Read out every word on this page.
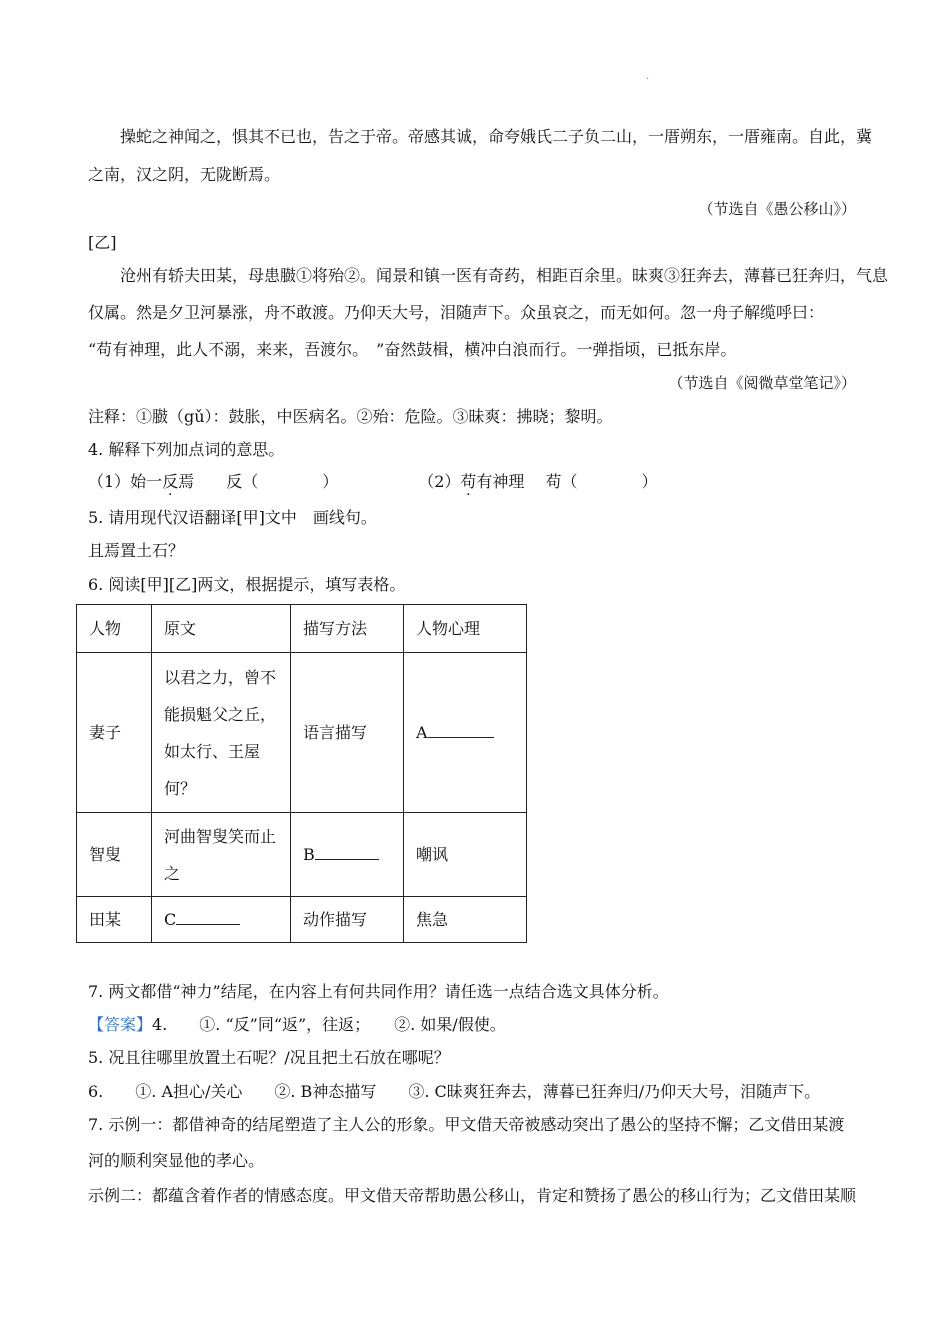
·
操蛇之神闻之，惧其不已也，告之于帝。帝感其诚，命夸娥氏二子负二山，一厝朔东，一厝雍南。自此，冀
之南，汉之阴，无陇断焉。
（节选自《愚公移山》）
[乙]
沧州有轿夫田某，母患臌①将殆②。闻景和镇一医有奇药，相距百余里。昧爽③狂奔去，薄暮已狂奔归，气息
仅属。然是夕卫河暴涨，舟不敢渡。乃仰天大号，泪随声下。众虽哀之，而无如何。忽一舟子解缆呼曰：
“苟有神理，此人不溺，来来，吾渡尔。　”奋然鼓楫，横冲白浪而行。一弹指顷，已抵东岸。
（节选自《阅微草堂笔记》）
注释：①臌（gǔ）：鼓胀，中医病名。②殆：危险。③昧爽：拂晓；黎明。
4. 解释下列加点词的意思。
（1）始一反焉　　反（　　　　）	（2）苟有神理　 苟（　　　　）
5. 请用现代汉语翻译[甲]文中　画线句。
且焉置土石？
6. 阅读[甲][乙]两文，根据提示，填写表格。
人物	原文	描写方法	人物心理
妻子	以君之力，曾不能损魁父之丘，如太行、王屋何？	语言描写	A
智叟	河曲智叟笑而止之	B	嘲讽
田某	C	动作描写	焦急
7. 两文都借“神力”结尾，在内容上有何共同作用？请任选一点结合选文具体分析。
【答案】4.　　①. “反”同“返”，往返；　　②. 如果/假使。
5. 况且往哪里放置土石呢？/况且把土石放在哪呢？
6.　　①. A担心/关心　　②. B神态描写　　③. C昧爽狂奔去，薄暮已狂奔归/乃仰天大号，泪随声下。
7. 示例一：都借神奇的结尾塑造了主人公的形象。甲文借天帝被感动突出了愚公的坚持不懈；乙文借田某渡
河的顺利突显他的孝心。
示例二：都蕴含着作者的情感态度。甲文借天帝帮助愚公移山，肯定和赞扬了愚公的移山行为；乙文借田某顺
